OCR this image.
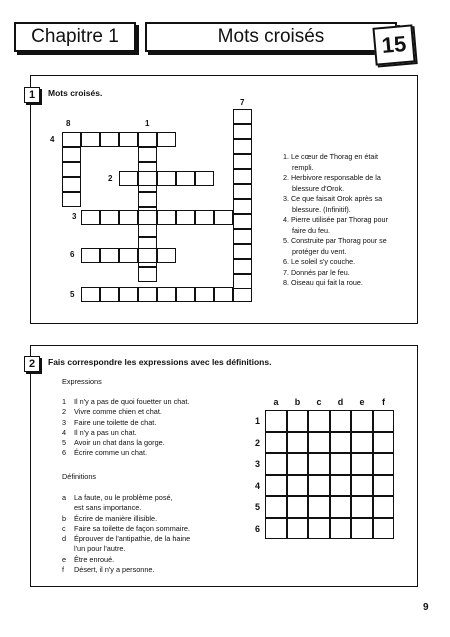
Chapitre 1	Mots croisés	15
1	Mots croisés.
7
8	1
4
2
3
6
5
1. Le cœur de Thorag en était
rempli.
2. Herbivore responsable de la
blessure d'Orok.
3. Ce que faisait Orok après sa
blessure. (Infinitif).
4. Pierre utilisée par Thorag pour
faire du feu.
5. Construite par Thorag pour se
protéger du vent.
6. Le soleil s'y couche.
7. Donnés par le feu.
8. Oiseau qui fait la roue.
2	Fais correspondre les expressions avec les définitions.
Expressions
1	Il n'y a pas de quoi fouetter un chat.
2	Vivre comme chien et chat.
3	Faire une toilette de chat.
4	Il n'y a pas un chat.
5	Avoir un chat dans la gorge.
6	Écrire comme un chat.
Définitions
a	La faute, ou le problème posé,
est sans importance.
b	Écrire de manière illisible.
c	Faire sa toilette de façon sommaire.
d	Éprouver de l'antipathie, de la haine
l'un pour l'autre.
e	Être enroué.
f	Désert, il n'y a personne.
a	b	c	d	e	f
1
2
3
4
5
6
9
